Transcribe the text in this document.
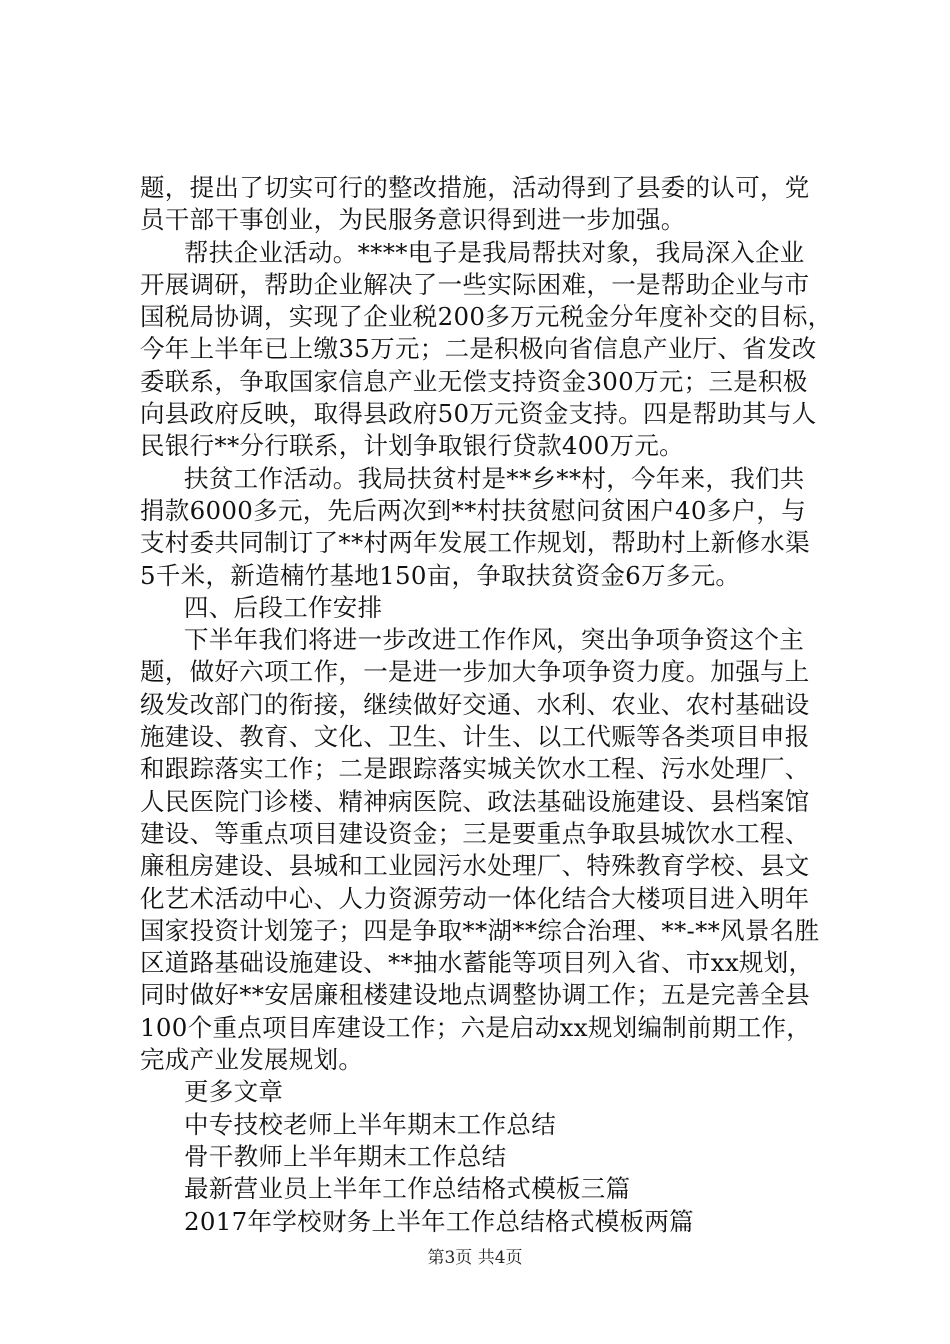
题，提出了切实可行的整改措施，活动得到了县委的认可，党
员干部干事创业，为民服务意识得到进一步加强。
帮扶企业活动。****电子是我局帮扶对象，我局深入企业
开展调研，帮助企业解决了一些实际困难，一是帮助企业与市
国税局协调，实现了企业税200多万元税金分年度补交的目标，
今年上半年已上缴35万元；二是积极向省信息产业厅、省发改
委联系，争取国家信息产业无偿支持资金300万元；三是积极
向县政府反映，取得县政府50万元资金支持。四是帮助其与人
民银行**分行联系，计划争取银行贷款400万元。
扶贫工作活动。我局扶贫村是**乡**村，今年来，我们共
捐款6000多元，先后两次到**村扶贫慰问贫困户40多户，与
支村委共同制订了**村两年发展工作规划，帮助村上新修水渠
5千米，新造楠竹基地150亩，争取扶贫资金6万多元。
四、后段工作安排
下半年我们将进一步改进工作作风，突出争项争资这个主
题，做好六项工作，一是进一步加大争项争资力度。加强与上
级发改部门的衔接，继续做好交通、水利、农业、农村基础设
施建设、教育、文化、卫生、计生、以工代赈等各类项目申报
和跟踪落实工作；二是跟踪落实城关饮水工程、污水处理厂、
人民医院门诊楼、精神病医院、政法基础设施建设、县档案馆
建设、等重点项目建设资金；三是要重点争取县城饮水工程、
廉租房建设、县城和工业园污水处理厂、特殊教育学校、县文
化艺术活动中心、人力资源劳动一体化结合大楼项目进入明年
国家投资计划笼子；四是争取**湖**综合治理、**-**风景名胜
区道路基础设施建设、**抽水蓄能等项目列入省、市xx规划，
同时做好**安居廉租楼建设地点调整协调工作；五是完善全县
100个重点项目库建设工作；六是启动xx规划编制前期工作，
完成产业发展规划。
更多文章
中专技校老师上半年期末工作总结
骨干教师上半年期末工作总结
最新营业员上半年工作总结格式模板三篇
2017年学校财务上半年工作总结格式模板两篇
第3页 共4页
